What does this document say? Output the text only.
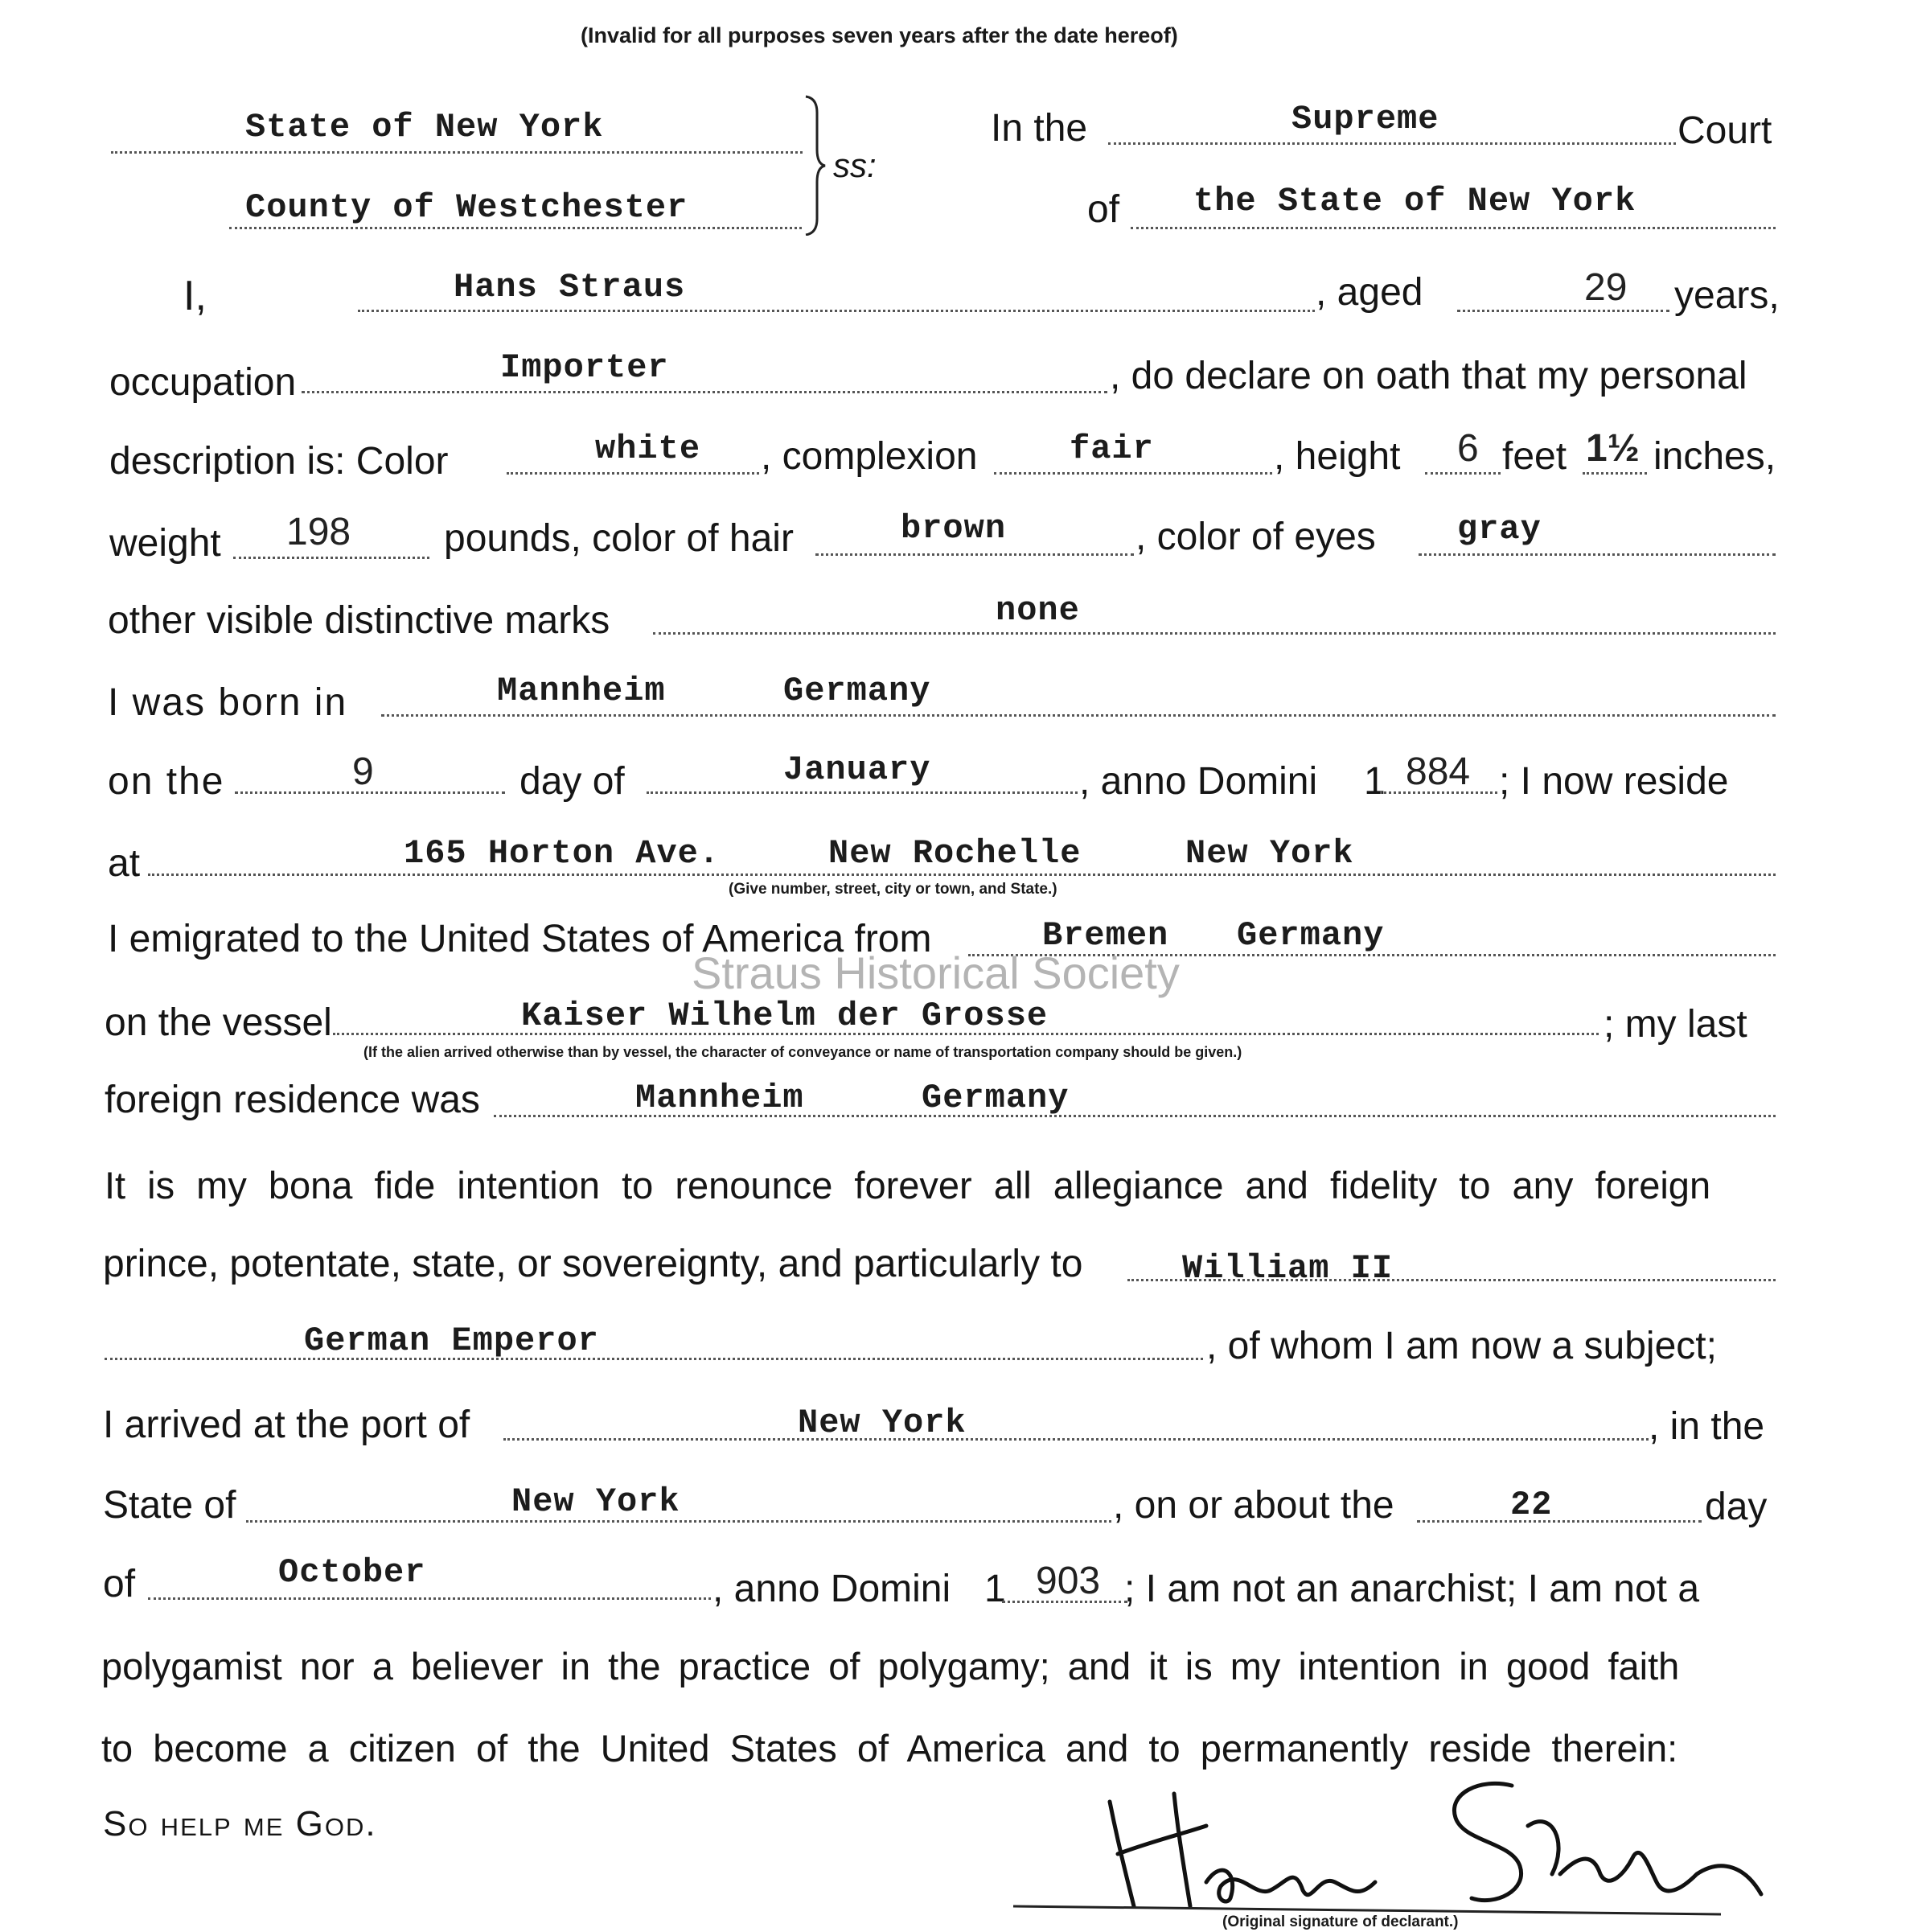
(Invalid for all purposes seven years after the date hereof)
State of New York
County of Westchester
ss:
In the	Supreme	Court
of the State of New York
I,	Hans Straus	, aged	29 years,
occupation	Importer	, do declare on oath that my personal
description is: Color	white , complexion	fair	, height 6 feet 1½ inches,
weight 198 pounds, color of hair	brown	, color of eyes gray
other visible distinctive marks	none
I was born in	Mannheim	Germany
on the	9	day of	January	, anno Domini 1 884 ; I now reside
at	165 Horton Ave.	New Rochelle	New York
(Give number, street, city or town, and State.)
I emigrated to the United States of America from	Bremen Germany
on the vessel	Kaiser Wilhelm der Grosse	; my last
(If the alien arrived otherwise than by vessel, the character of conveyance or name of transportation company should be given.)
foreign residence was	Mannheim	Germany
It is my bona fide intention to renounce forever all allegiance and fidelity to any foreign
prince, potentate, state, or sovereignty, and particularly to	William II
German Emperor	, of whom I am now a subject;
I arrived at the port of	New York	, in the
State of	New York	, on or about the	22	day
of	October	, anno Domini 1 903 ; I am not an anarchist; I am not a
polygamist nor a believer in the practice of polygamy; and it is my intention in good faith
to become a citizen of the United States of America and to permanently reside therein:
So help me God.
(Original signature of declarant.)
Straus Historical Society
